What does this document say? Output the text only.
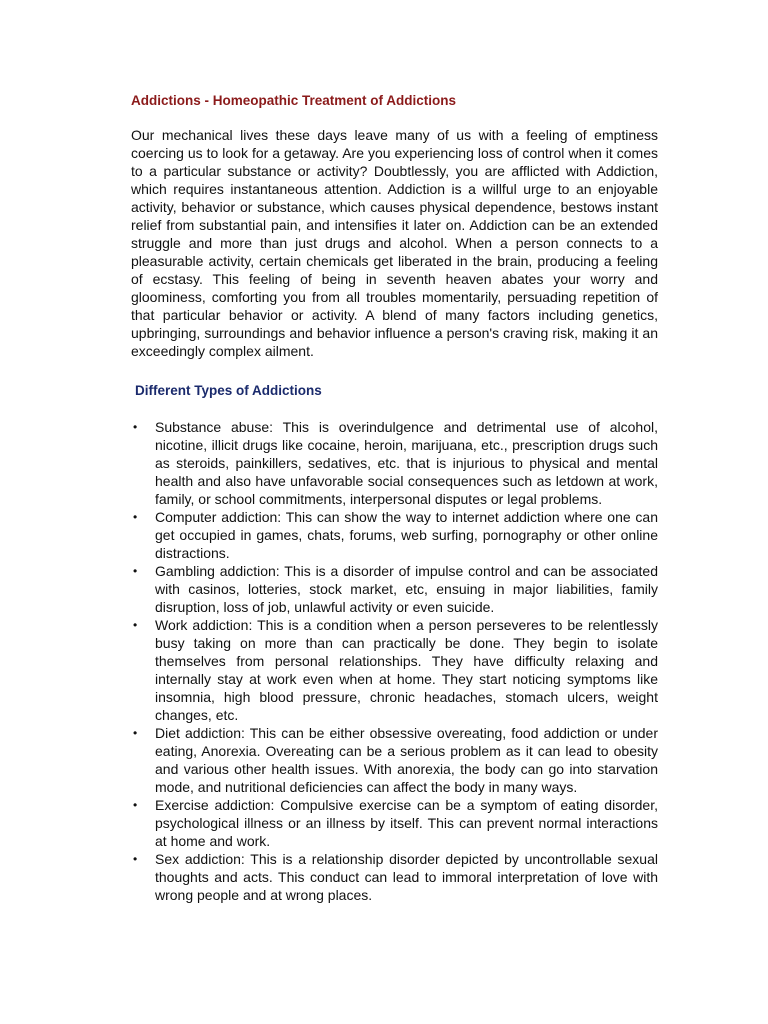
Addictions - Homeopathic Treatment of Addictions

Our mechanical lives these days leave many of us with a feeling of emptiness coercing us to look for a getaway. Are you experiencing loss of control when it comes to a particular substance or activity? Doubtlessly, you are afflicted with Addiction, which requires instantaneous attention. Addiction is a willful urge to an enjoyable activity, behavior or substance, which causes physical dependence, bestows instant relief from substantial pain, and intensifies it later on. Addiction can be an extended struggle and more than just drugs and alcohol. When a person connects to a pleasurable activity, certain chemicals get liberated in the brain, producing a feeling of ecstasy. This feeling of being in seventh heaven abates your worry and gloominess, comforting you from all troubles momentarily, persuading repetition of that particular behavior or activity. A blend of many factors including genetics, upbringing, surroundings and behavior influence a person's craving risk, making it an exceedingly complex ailment.

Different Types of Addictions
• Substance abuse: This is overindulgence and detrimental use of alcohol, nicotine, illicit drugs like cocaine, heroin, marijuana, etc., prescription drugs such as steroids, painkillers, sedatives, etc. that is injurious to physical and mental health and also have unfavorable social consequences such as letdown at work, family, or school commitments, interpersonal disputes or legal problems.
• Computer addiction: This can show the way to internet addiction where one can get occupied in games, chats, forums, web surfing, pornography or other online distractions.
• Gambling addiction: This is a disorder of impulse control and can be associated with casinos, lotteries, stock market, etc, ensuing in major liabilities, family disruption, loss of job, unlawful activity or even suicide.
• Work addiction: This is a condition when a person perseveres to be relentlessly busy taking on more than can practically be done. They begin to isolate themselves from personal relationships. They have difficulty relaxing and internally stay at work even when at home. They start noticing symptoms like insomnia, high blood pressure, chronic headaches, stomach ulcers, weight changes, etc.
• Diet addiction: This can be either obsessive overeating, food addiction or under eating, Anorexia. Overeating can be a serious problem as it can lead to obesity and various other health issues. With anorexia, the body can go into starvation mode, and nutritional deficiencies can affect the body in many ways.
• Exercise addiction: Compulsive exercise can be a symptom of eating disorder, psychological illness or an illness by itself. This can prevent normal interactions at home and work.
• Sex addiction: This is a relationship disorder depicted by uncontrollable sexual thoughts and acts. This conduct can lead to immoral interpretation of love with wrong people and at wrong places.
